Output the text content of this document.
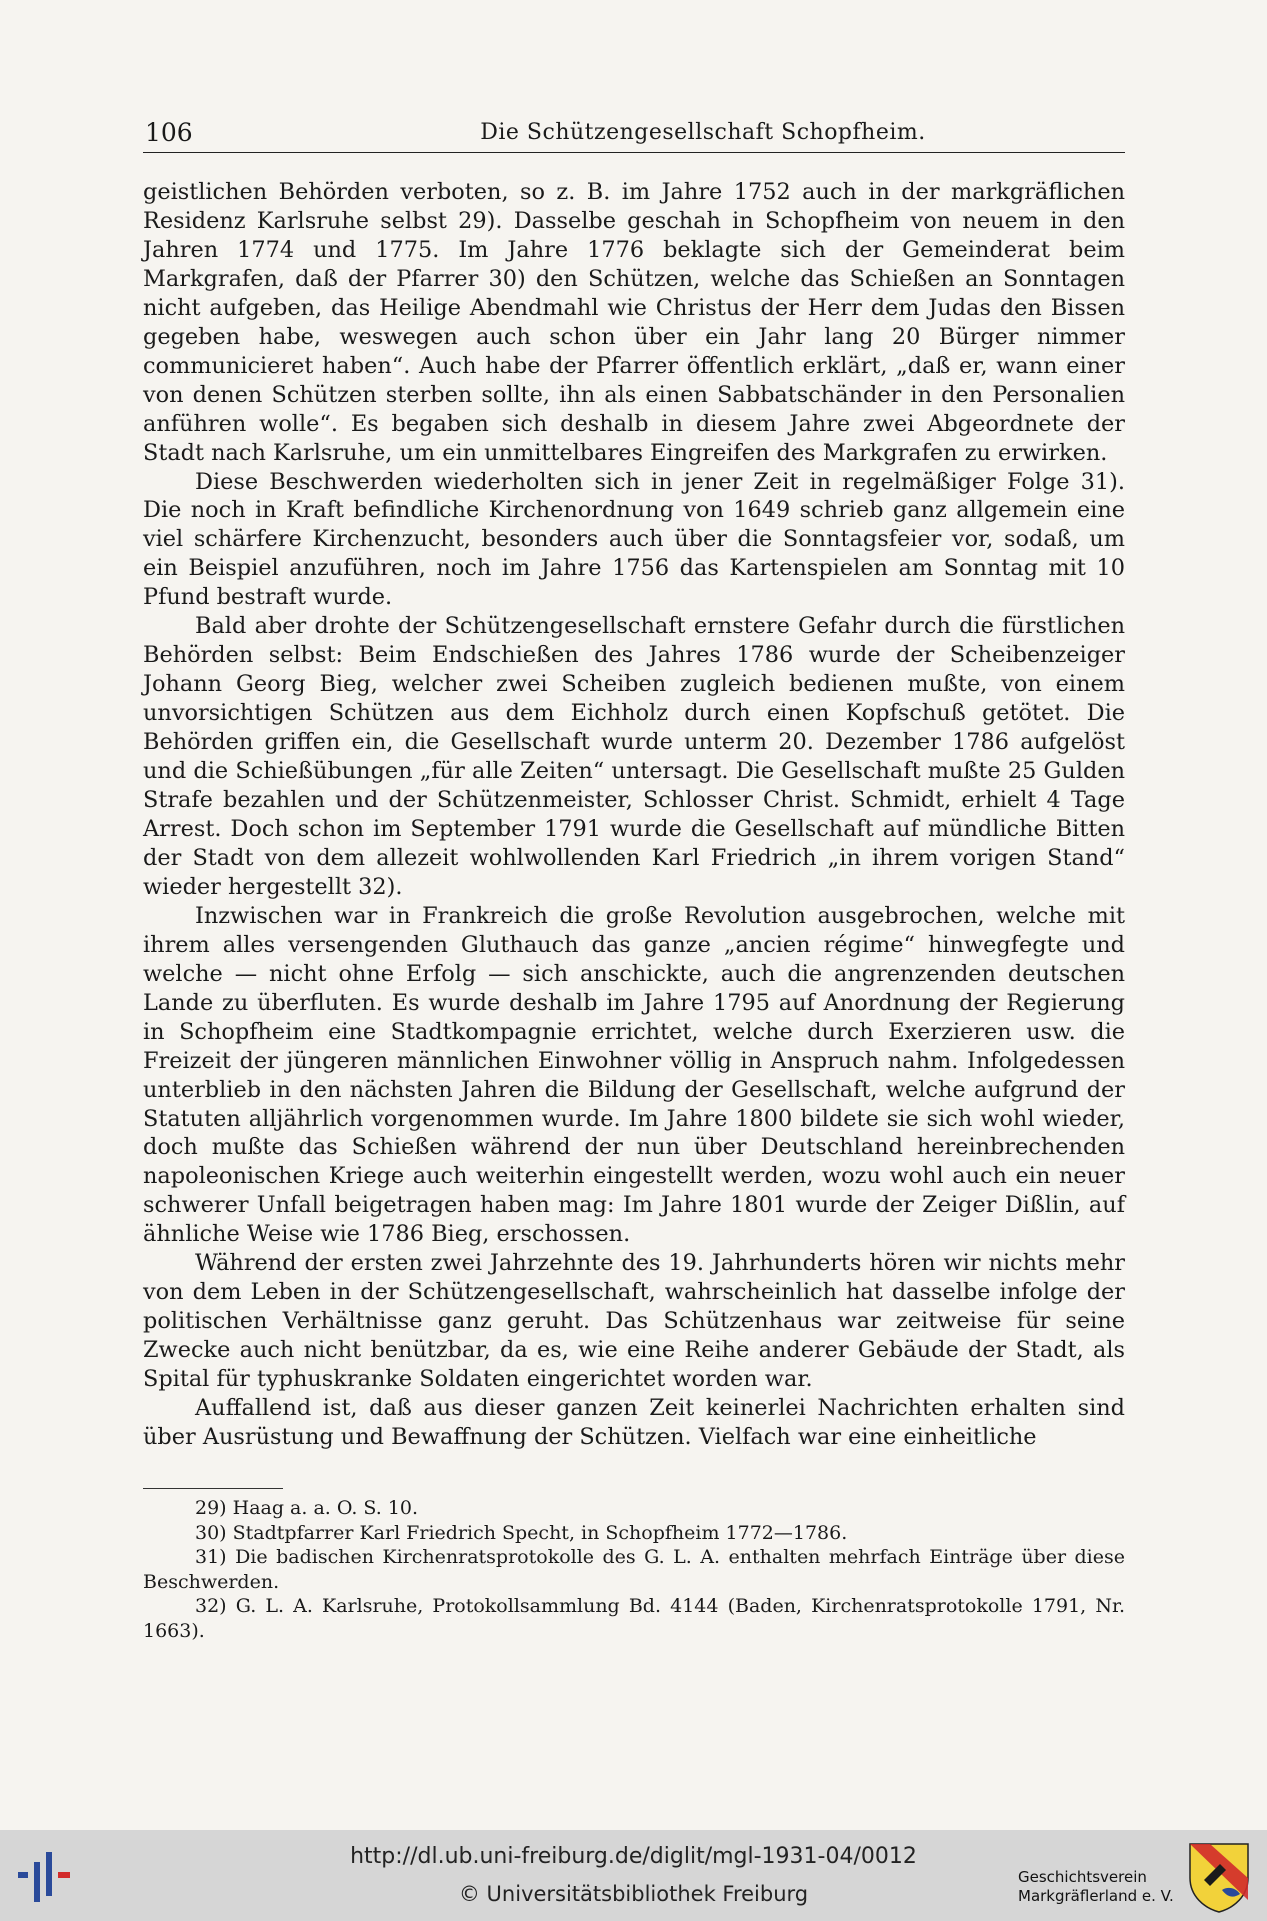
106	Die Schützengesellschaft Schopfheim.

geistlichen Behörden verboten, so z. B. im Jahre 1752 auch in der markgräflichen Residenz Karlsruhe selbst 29). Dasselbe geschah in Schopfheim von neuem in den Jahren 1774 und 1775. Im Jahre 1776 beklagte sich der Gemeinderat beim Markgrafen, daß der Pfarrer 30) den Schützen, welche das Schießen an Sonntagen nicht aufgeben, das Heilige Abendmahl wie Christus der Herr dem Judas den Bissen gegeben habe, weswegen auch schon über ein Jahr lang 20 Bürger nimmer communicieret haben“. Auch habe der Pfarrer öffentlich erklärt, „daß er, wann einer von denen Schützen sterben sollte, ihn als einen Sabbatschänder in den Personalien anführen wolle“. Es begaben sich deshalb in diesem Jahre zwei Abgeordnete der Stadt nach Karlsruhe, um ein unmittelbares Eingreifen des Markgrafen zu erwirken.

Diese Beschwerden wiederholten sich in jener Zeit in regelmäßiger Folge 31). Die noch in Kraft befindliche Kirchenordnung von 1649 schrieb ganz allgemein eine viel schärfere Kirchenzucht, besonders auch über die Sonntagsfeier vor, sodaß, um ein Beispiel anzuführen, noch im Jahre 1756 das Kartenspielen am Sonntag mit 10 Pfund bestraft wurde.

Bald aber drohte der Schützengesellschaft ernstere Gefahr durch die fürstlichen Behörden selbst: Beim Endschießen des Jahres 1786 wurde der Scheibenzeiger Johann Georg Bieg, welcher zwei Scheiben zugleich bedienen mußte, von einem unvorsichtigen Schützen aus dem Eichholz durch einen Kopfschuß getötet. Die Behörden griffen ein, die Gesellschaft wurde unterm 20. Dezember 1786 aufgelöst und die Schießübungen „für alle Zeiten“ untersagt. Die Gesellschaft mußte 25 Gulden Strafe bezahlen und der Schützenmeister, Schlosser Christ. Schmidt, erhielt 4 Tage Arrest. Doch schon im September 1791 wurde die Gesellschaft auf mündliche Bitten der Stadt von dem allezeit wohlwollenden Karl Friedrich „in ihrem vorigen Stand“ wieder hergestellt 32).

Inzwischen war in Frankreich die große Revolution ausgebrochen, welche mit ihrem alles versengenden Gluthauch das ganze „ancien régime“ hinwegfegte und welche — nicht ohne Erfolg — sich anschickte, auch die angrenzenden deutschen Lande zu überfluten. Es wurde deshalb im Jahre 1795 auf Anordnung der Regierung in Schopfheim eine Stadtkompagnie errichtet, welche durch Exerzieren usw. die Freizeit der jüngeren männlichen Einwohner völlig in Anspruch nahm. Infolgedessen unterblieb in den nächsten Jahren die Bildung der Gesellschaft, welche aufgrund der Statuten alljährlich vorgenommen wurde. Im Jahre 1800 bildete sie sich wohl wieder, doch mußte das Schießen während der nun über Deutschland hereinbrechenden napoleonischen Kriege auch weiterhin eingestellt werden, wozu wohl auch ein neuer schwerer Unfall beigetragen haben mag: Im Jahre 1801 wurde der Zeiger Dißlin, auf ähnliche Weise wie 1786 Bieg, erschossen.

Während der ersten zwei Jahrzehnte des 19. Jahrhunderts hören wir nichts mehr von dem Leben in der Schützengesellschaft, wahrscheinlich hat dasselbe infolge der politischen Verhältnisse ganz geruht. Das Schützenhaus war zeitweise für seine Zwecke auch nicht benützbar, da es, wie eine Reihe anderer Gebäude der Stadt, als Spital für typhuskranke Soldaten eingerichtet worden war.

Auffallend ist, daß aus dieser ganzen Zeit keinerlei Nachrichten erhalten sind über Ausrüstung und Bewaffnung der Schützen. Vielfach war eine einheitliche

29) Haag a. a. O. S. 10.

30) Stadtpfarrer Karl Friedrich Specht, in Schopfheim 1772—1786.

31) Die badischen Kirchenratsprotokolle des G. L. A. enthalten mehrfach Einträge über diese Beschwerden.

32) G. L. A. Karlsruhe, Protokollsammlung Bd. 4144 (Baden, Kirchenratsprotokolle 1791, Nr. 1663).

http://dl.ub.uni-freiburg.de/diglit/mgl-1931-04/0012
© Universitätsbibliothek Freiburg
Geschichtsverein
Markgräflerland e. V.
